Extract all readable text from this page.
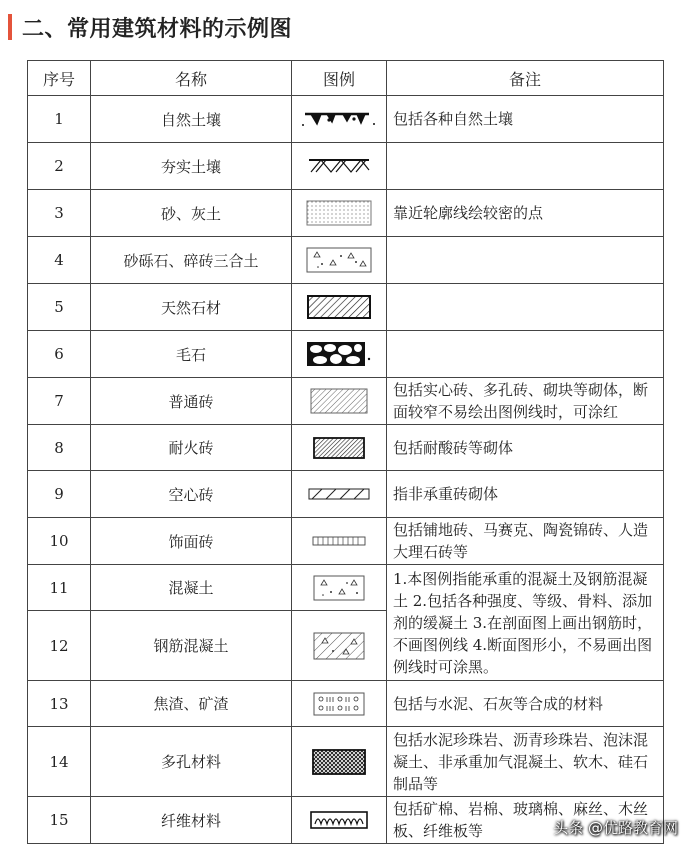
二、常用建筑材料的示例图
序号	名称	图例	备注
1	自然土壤		包括各种自然土壤
2	夯实土壤	

3	砂、灰土		靠近轮廓线绘较密的点
4	砂砾石、碎砖三合土	

5	天然石材	

6	毛石	

7	普通砖		包括实心砖、多孔砖、砌块等砌体，断面较窄不易绘出图例线时，可涂红
8	耐火砖		包括耐酸砖等砌体
9	空心砖		指非承重砖砌体
10	饰面砖		包括铺地砖、马赛克、陶瓷锦砖、人造大理石砖等
11	混凝土		1.本图例指能承重的混凝土及钢筋混凝土 2.包括各种强度、等级、骨料、添加剂的缓凝土 3.在剖面图上画出钢筋时，不画图例线 4.断面图形小，不易画出图例线时可涂黑。
12	钢筋混凝土	

13	焦渣、矿渣		包括与水泥、石灰等合成的材料
14	多孔材料		包括水泥珍珠岩、沥青珍珠岩、泡沫混凝土、非承重加气混凝土、软木、硅石制品等
15	纤维材料		包括矿棉、岩棉、玻璃棉、麻丝、木丝板、纤维板等	头条 @优路教育网
